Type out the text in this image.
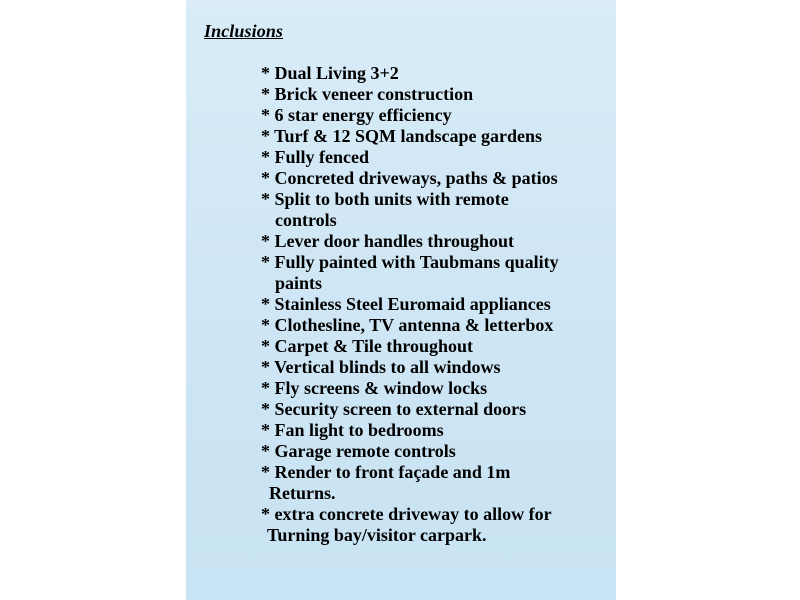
Inclusions
* Dual Living 3+2
* Brick veneer construction
* 6 star energy efficiency
* Turf & 12 SQM landscape gardens
* Fully fenced
* Concreted driveways, paths & patios
* Split to both units with remote
controls
* Lever door handles throughout
* Fully painted with Taubmans quality
paints
* Stainless Steel Euromaid appliances
* Clothesline, TV antenna & letterbox
* Carpet & Tile throughout
* Vertical blinds to all windows
* Fly screens & window locks
* Security screen to external doors
* Fan light to bedrooms
* Garage remote controls
* Render to front façade and 1m
Returns.
* extra concrete driveway to allow for
Turning bay/visitor carpark.
